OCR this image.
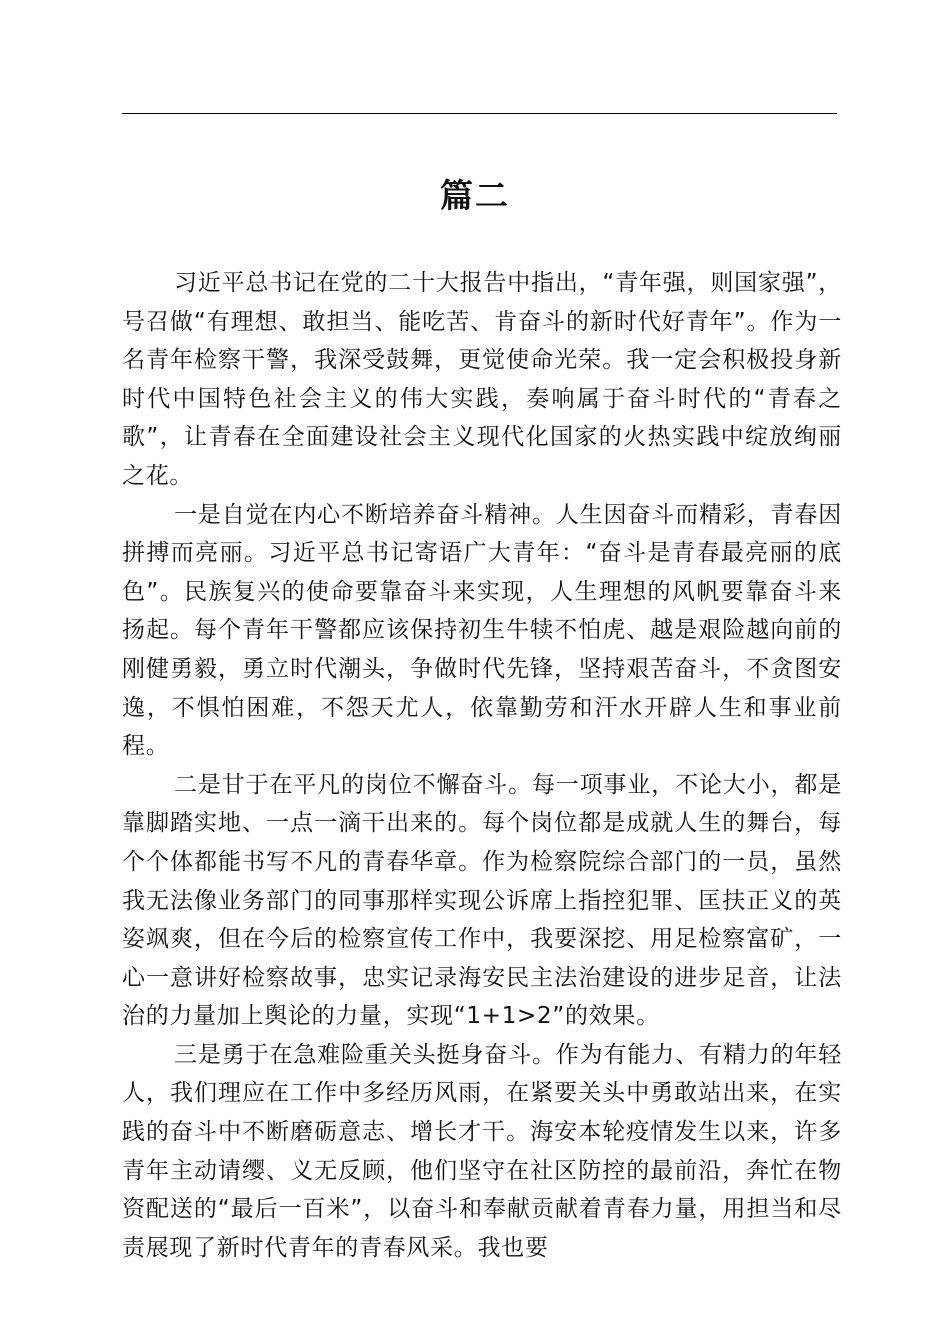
篇二

习近平总书记在党的二十大报告中指出，“青年强，则国家强”，号召做“有理想、敢担当、能吃苦、肯奋斗的新时代好青年”。作为一名青年检察干警，我深受鼓舞，更觉使命光荣。我一定会积极投身新时代中国特色社会主义的伟大实践，奏响属于奋斗时代的“青春之歌”，让青春在全面建设社会主义现代化国家的火热实践中绽放绚丽之花。

一是自觉在内心不断培养奋斗精神。人生因奋斗而精彩，青春因拼搏而亮丽。习近平总书记寄语广大青年：“奋斗是青春最亮丽的底色”。民族复兴的使命要靠奋斗来实现，人生理想的风帆要靠奋斗来扬起。每个青年干警都应该保持初生牛犊不怕虎、越是艰险越向前的刚健勇毅，勇立时代潮头，争做时代先锋，坚持艰苦奋斗，不贪图安逸，不惧怕困难，不怨天尤人，依靠勤劳和汗水开辟人生和事业前程。

二是甘于在平凡的岗位不懈奋斗。每一项事业，不论大小，都是靠脚踏实地、一点一滴干出来的。每个岗位都是成就人生的舞台，每个个体都能书写不凡的青春华章。作为检察院综合部门的一员，虽然我无法像业务部门的同事那样实现公诉席上指控犯罪、匡扶正义的英姿飒爽，但在今后的检察宣传工作中，我要深挖、用足检察富矿，一心一意讲好检察故事，忠实记录海安民主法治建设的进步足音，让法治的力量加上舆论的力量，实现“1+1>2”的效果。

三是勇于在急难险重关头挺身奋斗。作为有能力、有精力的年轻人，我们理应在工作中多经历风雨，在紧要关头中勇敢站出来，在实践的奋斗中不断磨砺意志、增长才干。海安本轮疫情发生以来，许多青年主动请缨、义无反顾，他们坚守在社区防控的最前沿，奔忙在物资配送的“最后一百米”，以奋斗和奉献贡献着青春力量，用担当和尽责展现了新时代青年的青春风采。我也要
